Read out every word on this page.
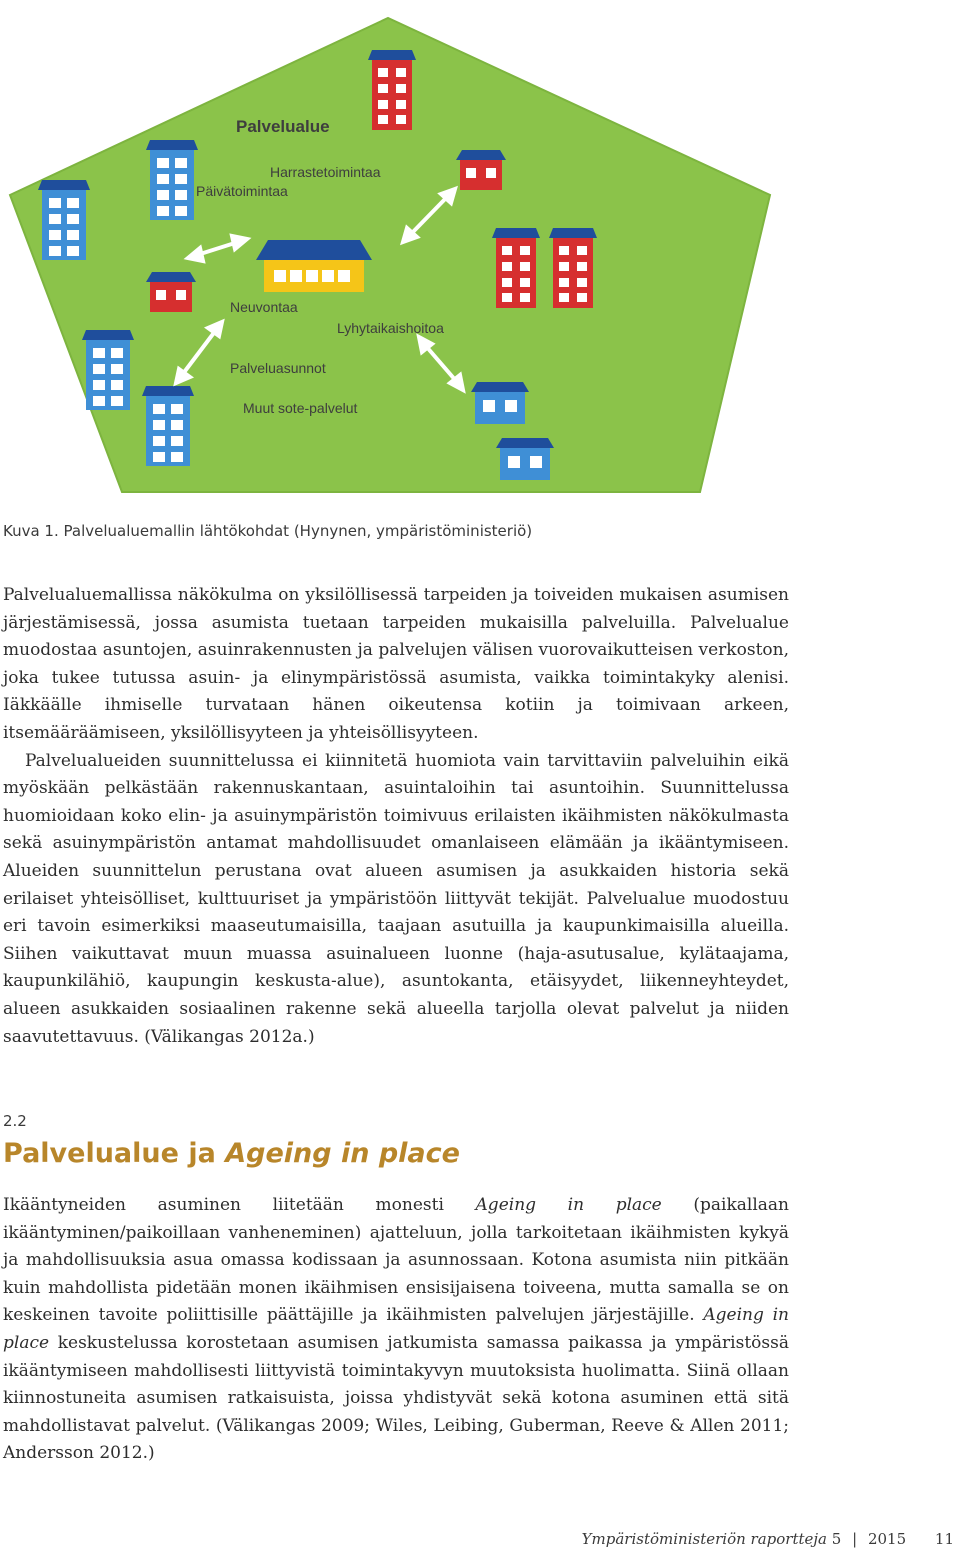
Palvelualue
Harrastetoimintaa
Päivätoimintaa
Neuvontaa
Lyhytaikaishoitoa
Palveluasunnot
Muut sote-palvelut
Kuva 1. Palvelualuemallin lähtökohdat (Hynynen, ympäristöministeriö)

Palvelualuemallissa näkökulma on yksilöllisessä tarpeiden ja toiveiden mukaisen asumisen järjestämisessä, jossa asumista tuetaan tarpeiden mukaisilla palveluilla. Palvelualue muodostaa asuntojen, asuinrakennusten ja palvelujen välisen vuorovaikutteisen verkoston, joka tukee tutussa asuin- ja elinympäristössä asumista, vaikka toimintakyky alenisi. Iäkkäälle ihmiselle turvataan hänen oikeutensa kotiin ja toimivaan arkeen, itsemääräämiseen, yksilöllisyyteen ja yhteisöllisyyteen.

Palvelualueiden suunnittelussa ei kiinnitetä huomiota vain tarvittaviin palveluihin eikä myöskään pelkästään rakennuskantaan, asuintaloihin tai asuntoihin. Suunnittelussa huomioidaan koko elin- ja asuinympäristön toimivuus erilaisten ikäihmisten näkökulmasta sekä asuinympäristön antamat mahdollisuudet omanlaiseen elämään ja ikääntymiseen. Alueiden suunnittelun perustana ovat alueen asumisen ja asukkaiden historia sekä erilaiset yhteisölliset, kulttuuriset ja ympäristöön liittyvät tekijät. Palvelualue muodostuu eri tavoin esimerkiksi maaseutumaisilla, taajaan asutuilla ja kaupunkimaisilla alueilla. Siihen vaikuttavat muun muassa asuinalueen luonne (haja-asutusalue, kylätaajama, kaupunkilähiö, kaupungin keskusta-alue), asuntokanta, etäisyydet, liikenneyhteydet, alueen asukkaiden sosiaalinen rakenne sekä alueella tarjolla olevat palvelut ja niiden saavutettavuus. (Välikangas 2012a.)

2.2
Palvelualue ja Ageing in place

Ikääntyneiden asuminen liitetään monesti Ageing in place (paikallaan ikääntyminen/paikoillaan vanheneminen) ajatteluun, jolla tarkoitetaan ikäihmisten kykyä ja mahdollisuuksia asua omassa kodissaan ja asunnossaan. Kotona asumista niin pitkään kuin mahdollista pidetään monen ikäihmisen ensisijaisena toiveena, mutta samalla se on keskeinen tavoite poliittisille päättäjille ja ikäihmisten palvelujen järjestäjille. Ageing in place keskustelussa korostetaan asumisen jatkumista samassa paikassa ja ympäristössä ikääntymiseen mahdollisesti liittyvistä toimintakyvyn muutoksista huolimatta. Siinä ollaan kiinnostuneita asumisen ratkaisuista, joissa yhdistyvät sekä kotona asuminen että sitä mahdollistavat palvelut. (Välikangas 2009; Wiles, Leibing, Guberman, Reeve & Allen 2011; Andersson 2012.)

Ympäristöministeriön raportteja 5 | 2015 11
